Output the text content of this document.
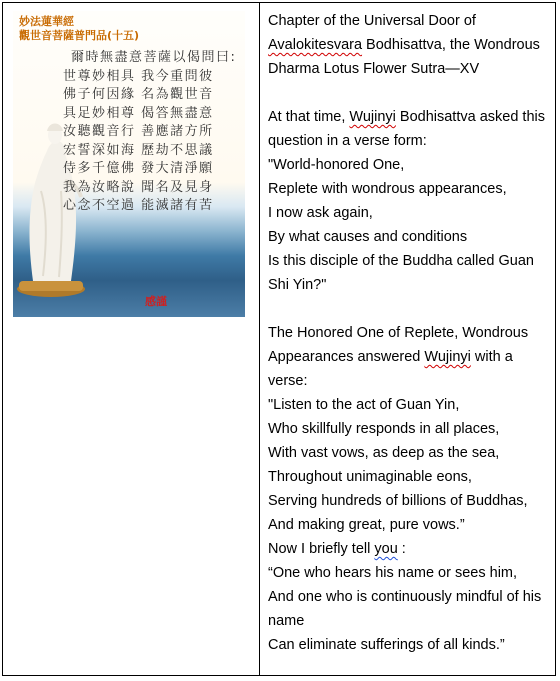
妙法蓮華經
觀世音菩薩普門品(十五)
爾時無盡意菩薩以偈問曰:
世尊妙相具 我今重問彼
佛子何因緣 名為觀世音
具足妙相尊 偈答無盡意
汝聽觀音行 善應諸方所
宏誓深如海 歷劫不思議
侍多千億佛 發大清淨願
我為汝略說 聞名及見身
心念不空過 能滅諸有苦
感謹
Chapter of the Universal Door of
Avalokitesvara Bodhisattva, the Wondrous
Dharma Lotus Flower Sutra—XV
At that time, Wujinyi Bodhisattva asked this
question in a verse form:
"World-honored One,
Replete with wondrous appearances,
I now ask again,
By what causes and conditions
Is this disciple of the Buddha called Guan
Shi Yin?"
The Honored One of Replete, Wondrous
Appearances answered Wujinyi with a
verse:
"Listen to the act of Guan Yin,
Who skillfully responds in all places,
With vast vows, as deep as the sea,
Throughout unimaginable eons,
Serving hundreds of billions of Buddhas,
And making great, pure vows.”
Now I briefly tell you :
“One who hears his name or sees him,
And one who is continuously mindful of his
name
Can eliminate sufferings of all kinds.”
